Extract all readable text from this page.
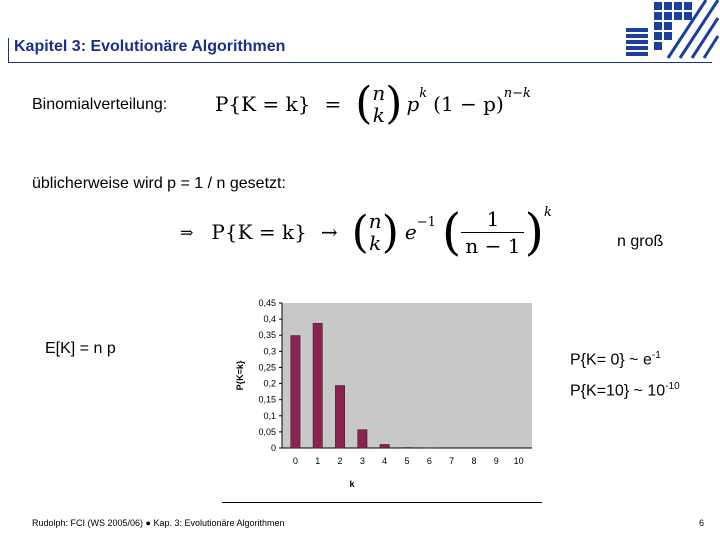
Kapitel 3: Evolutionäre Algorithmen
Binomialverteilung: P{K = k} = ( n
k ) p k (1 − p) n−k
üblicherweise wird p = 1 / n gesetzt:
⇒ P{K = k} → ( n
k ) e −1 ( $\frac{1}{n - 1}$ ) k
n groß
E[K] = n p
P{K= 0} ~ $e^{-1}$
P{K=10} ~ $10^{-10}$
0
0,05
0,1
0,15
0,2
0,25
0,3
0,35
0,4
0,45
0 1 2 3 4 5 6 7 8 9 10
k
P{K=k}
Rudolph: FCI (WS 2005/06) ● Kap. 3: Evolutionäre Algorithmen	6
